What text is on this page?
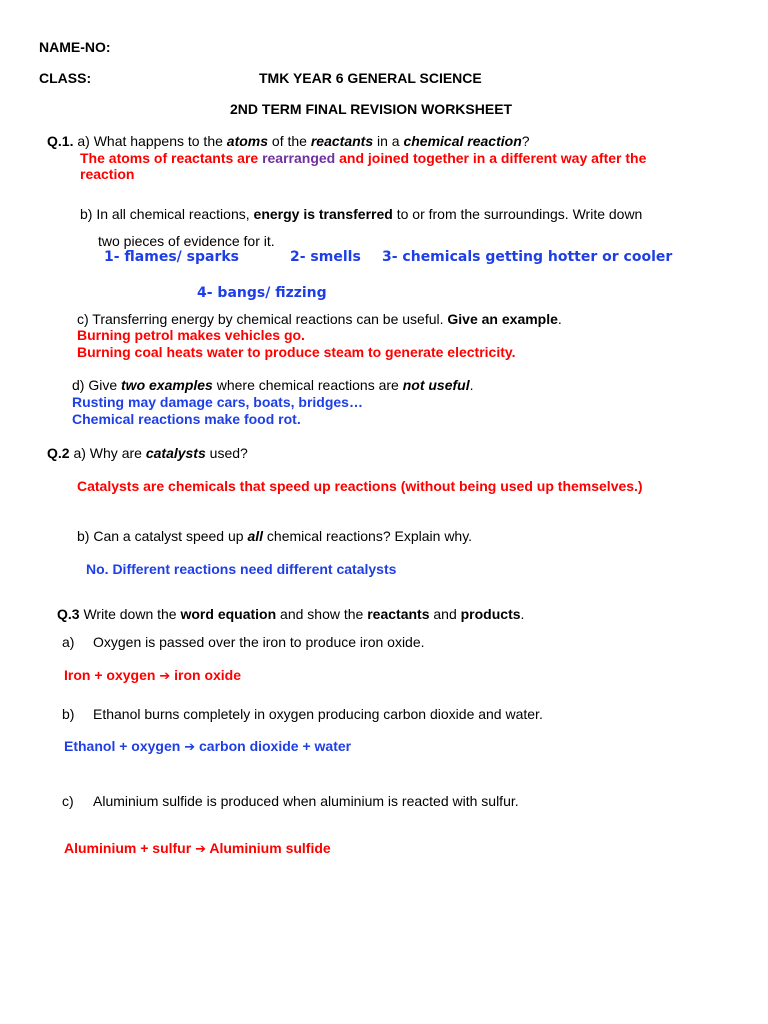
NAME-NO:
CLASS:	TMK YEAR 6 GENERAL SCIENCE
2ND TERM FINAL REVISION WORKSHEET
Q.1. a) What happens to the atoms of the reactants in a chemical reaction?
The atoms of reactants are rearranged and joined together in a different way after the
reaction
b) In all chemical reactions, energy is transferred to or from the surroundings. Write down
two pieces of evidence for it.
1- flames/ sparks	2- smells 3- chemicals getting hotter or cooler
4- bangs/ fizzing
c) Transferring energy by chemical reactions can be useful. Give an example.
Burning petrol makes vehicles go.
Burning coal heats water to produce steam to generate electricity.
d) Give two examples where chemical reactions are not useful.
Rusting may damage cars, boats, bridges…
Chemical reactions make food rot.
Q.2 a) Why are catalysts used?
Catalysts are chemicals that speed up reactions (without being used up themselves.)
b) Can a catalyst speed up all chemical reactions? Explain why.
No. Different reactions need different catalysts
Q.3 Write down the word equation and show the reactants and products.
a) Oxygen is passed over the iron to produce iron oxide.
Iron + oxygen ➔ iron oxide
b) Ethanol burns completely in oxygen producing carbon dioxide and water.
Ethanol + oxygen ➔ carbon dioxide + water
c) Aluminium sulfide is produced when aluminium is reacted with sulfur.
Aluminium + sulfur ➔ Aluminium sulfide
